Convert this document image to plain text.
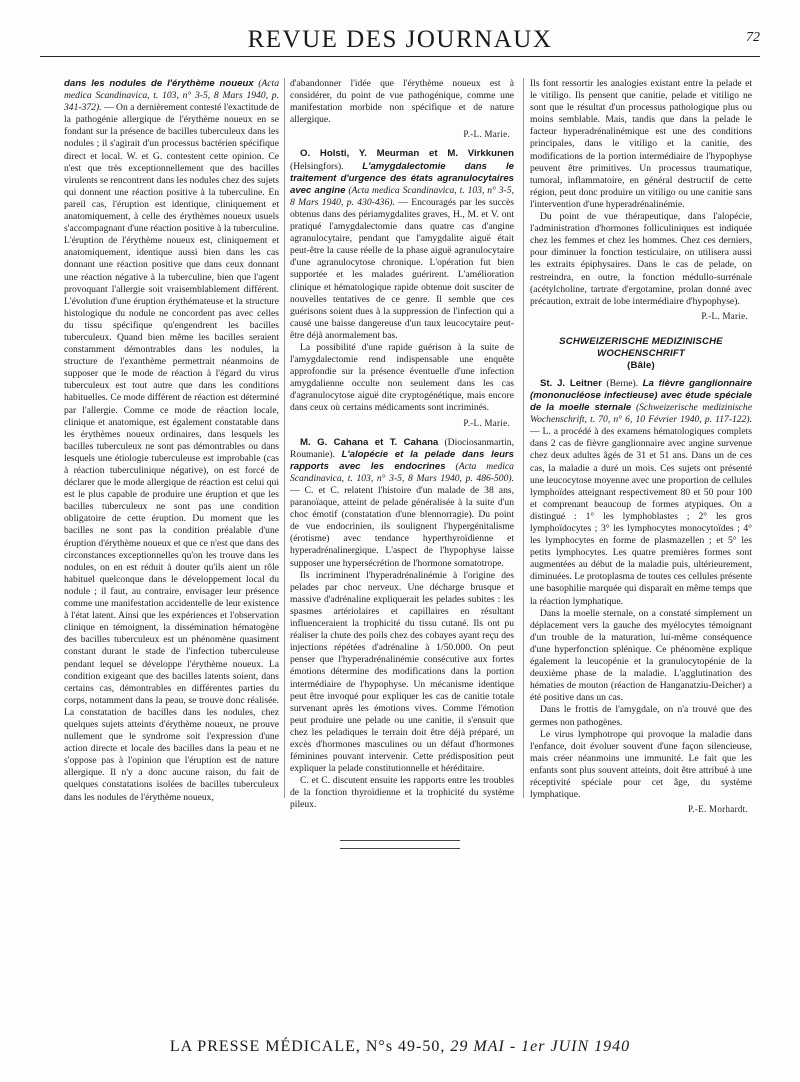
REVUE DES JOURNAUX	72

dans les nodules de l'érythème noueux (Acta medica Scandinavica, t. 103, n° 3-5, 8 Mars 1940, p. 341-372). — On a dernièrement contesté l'exactitude de la pathogénie allergique de l'érythème noueux en se fondant sur la présence de bacilles tuberculeux dans les nodules ; il s'agirait d'un processus bactérien spécifique direct et local. W. et G. contestent cette opinion. Ce n'est que très exceptionnellement que des bacilles virulents se rencontrent dans les nodules chez des sujets qui donnent une réaction positive à la tuberculine. En pareil cas, l'éruption est identique, cliniquement et anatomiquement, à celle des érythèmes noueux usuels s'accompagnant d'une réaction positive à la tuberculine. L'éruption de l'érythème noueux est, cliniquement et anatomiquement, identique aussi bien dans les cas donnant une réaction positive que dans ceux donnant une réaction négative à la tuberculine, bien que l'agent provoquant l'allergie soit vraisemblablement différent. L'évolution d'une éruption érythémateuse et la structure histologique du nodule ne concordent pas avec celles du tissu spécifique qu'engendrent les bacilles tuberculeux. Quand bien même les bacilles seraient constamment démontrables dans les nodules, la structure de l'exanthème permettrait néanmoins de supposer que le mode de réaction à l'égard du virus tuberculeux est tout autre que dans les conditions habituelles. Ce mode différent de réaction est déterminé par l'allergie. Comme ce mode de réaction locale, clinique et anatomique, est également constatable dans les érythèmes noueux ordinaires, dans lesquels les bacilles tuberculeux ne sont pas démontrables ou dans lesquels une étiologie tuberculeuse est improbable (cas à réaction tuberculinique négative), on est forcé de déclarer que le mode allergique de réaction est celui qui est le plus capable de produire une éruption et que les bacilles tuberculeux ne sont pas une condition obligatoire de cette éruption. Du moment que les bacilles ne sont pas la condition préalable d'une éruption d'érythème noueux et que ce n'est que dans des circonstances exceptionnelles qu'on les trouve dans les nodules, on en est réduit à douter qu'ils aient un rôle habituel quelconque dans le développement local du nodule ; il faut, au contraire, envisager leur présence comme une manifestation accidentelle de leur existence à l'état latent. Ainsi que les expériences et l'observation clinique en témoignent, la dissémination hématogène des bacilles tuberculeux est un phénomène quasiment constant durant le stade de l'infection tuberculeuse pendant lequel se développe l'érythème noueux. La condition exigeant que des bacilles latents soient, dans certains cas, démontrables en différentes parties du corps, notamment dans la peau, se trouve donc réalisée. La constatation de bacilles dans les nodules, chez quelques sujets atteints d'érythème noueux, ne prouve nullement que le syndrome soit l'expression d'une action directe et locale des bacilles dans la peau et ne s'oppose pas à l'opinion que l'éruption est de nature allergique. Il n'y a donc aucune raison, du fait de quelques constatations isolées de bacilles tuberculeux dans les nodules de l'érythème noueux,

d'abandonner l'idée que l'érythème noueux est à considérer, du point de vue pathogénique, comme une manifestation morbide non spécifique et de nature allergique.

P.-L. Marie.

O. Holsti, Y. Meurman et M. Virkkunen (Helsingfors). L'amygdalectomie dans le traitement d'urgence des états agranulocytaires avec angine (Acta medica Scandinavica, t. 103, n° 3-5, 8 Mars 1940, p. 430-436). — Encouragés par les succès obtenus dans des périamygdalites graves, H., M. et V. ont pratiqué l'amygdalectomie dans quatre cas d'angine agranulocytaire, pendant que l'amygdalite aiguë était peut-être la cause réelle de la phase aiguë agranulocytaire d'une agranulocytose chronique. L'opération fut bien supportée et les malades guérirent. L'amélioration clinique et hématologique rapide obtenue doit susciter de nouvelles tentatives de ce genre. Il semble que ces guérisons soient dues à la suppression de l'infection qui a causé une baisse dangereuse d'un taux leucocytaire peut-être déjà anormalement bas.

La possibilité d'une rapide guérison à la suite de l'amygdalectomie rend indispensable une enquête approfondie sur la présence éventuelle d'une infection amygdalienne occulte non seulement dans les cas d'agranulocytose aiguë dite cryptogénétique, mais encore dans ceux où certains médicaments sont incriminés.

P.-L. Marie.

M. G. Cahana et T. Cahana (Diociosanmartin, Roumanie). L'alopécie et la pelade dans leurs rapports avec les endocrines (Acta medica Scandinavica, t. 103, n° 3-5, 8 Mars 1940, p. 486-500). — C. et C. relatent l'histoire d'un malade de 38 ans, paranoïaque, atteint de pelade généralisée à la suite d'un choc émotif (constatation d'une blennorragie). Du point de vue endocrinien, ils soulignent l'hypergénitalisme (érotisme) avec tendance hyperthyroïdienne et hyperadrénalinergique. L'aspect de l'hypophyse laisse supposer une hypersécrétion de l'hormone somatotrope.

Ils incriminent l'hyperadrénalinémie à l'origine des pelades par choc nerveux. Une décharge brusque et massive d'adrénaline expliquerait les pelades subites : les spasmes artériolaires et capillaires en résultant influenceraient la trophicité du tissu cutané. Ils ont pu réaliser la chute des poils chez des cobayes ayant reçu des injections répétées d'adrénaline à 1/50.000. On peut penser que l'hyperadrénalinémie consécutive aux fortes émotions détermine des modifications dans la portion intermédiaire de l'hypophyse. Un mécanisme identique peut être invoqué pour expliquer les cas de canitie totale survenant après les émotions vives. Comme l'émotion peut produire une pelade ou une canitie, il s'ensuit que chez les peladiques le terrain doit être déjà préparé, un excès d'hormones masculines ou un défaut d'hormones féminines pouvant intervenir. Cette prédisposition peut expliquer la pelade constitutionnelle et héréditaire.

C. et C. discutent ensuite les rapports entre les troubles de la fonction thyroïdienne et la trophicité du système pileux.

Ils font ressortir les analogies existant entre la pelade et le vitiligo. Ils pensent que canitie, pelade et vitiligo ne sont que le résultat d'un processus pathologique plus ou moins semblable. Mais, tandis que dans la pelade le facteur hyperadrénalinémique est une des conditions principales, dans le vitiligo et la canitie, des modifications de la portion intermédiaire de l'hypophyse peuvent être primitives. Un processus traumatique, tumoral, inflammatoire, en général destructif de cette région, peut donc produire un vitiligo ou une canitie sans l'intervention d'une hyperadrénalinémie.

Du point de vue thérapeutique, dans l'alopécie, l'administration d'hormones folliculiniques est indiquée chez les femmes et chez les hommes. Chez ces derniers, pour diminuer la fonction testiculaire, on utilisera aussi les extraits épiphysaires. Dans le cas de pelade, on restreindra, en outre, la fonction médullo-surrénale (acétylcholine, tartrate d'ergotamine, prolan donné avec précaution, extrait de lobe intermédiaire d'hypophyse).

P.-L. Marie.
SCHWEIZERISCHE MEDIZINISCHE WOCHENSCHRIFT
(Bâle)

St. J. Leitner (Berne). La fièvre ganglionnaire (mononucléose infectieuse) avec étude spéciale de la moelle sternale (Schweizerische medizinische Wochenschrift, t. 70, n° 6, 10 Février 1940, p. 117-122). — L. a procédé à des examens hématologiques complets dans 2 cas de fièvre ganglionnaire avec angine survenue chez deux adultes âgés de 31 et 51 ans. Dans un de ces cas, la maladie a duré un mois. Ces sujets ont présenté une leucocytose moyenne avec une proportion de cellules lymphoïdes atteignant respectivement 80 et 50 pour 100 et comprenant beaucoup de formes atypiques. On a distingué : 1° les lymphoblastes ; 2° les gros lymphoïdocytes ; 3° les lymphocytes monocytoïdes ; 4° les lymphocytes en forme de plasmazellen ; et 5° les petits lymphocytes. Les quatre premières formes sont augmentées au début de la maladie puis, ultérieurement, diminuées. Le protoplasma de toutes ces cellules présente une basophilie marquée qui disparaît en même temps que la réaction lymphatique.

Dans la moelle sternale, on a constaté simplement un déplacement vers la gauche des myélocytes témoignant d'un trouble de la maturation, lui-même conséquence d'une hyperfonction splénique. Ce phénomène explique également la leucopénie et la granulocytopénie de la deuxième phase de la maladie. L'agglutination des hématies de mouton (réaction de Hanganatziu-Deicher) a été positive dans un cas.

Dans le frottis de l'amygdale, on n'a trouvé que des germes non pathogènes.

Le virus lymphotrope qui provoque la maladie dans l'enfance, doit évoluer souvent d'une façon silencieuse, mais créer néanmoins une immunité. Le fait que les enfants sont plus souvent atteints, doit être attribué à une réceptivité spéciale pour cet âge, du système lymphatique.

P.-E. Morhardt.
LA PRESSE MÉDICALE, N°s 49-50, 29 MAI - 1er JUIN 1940
